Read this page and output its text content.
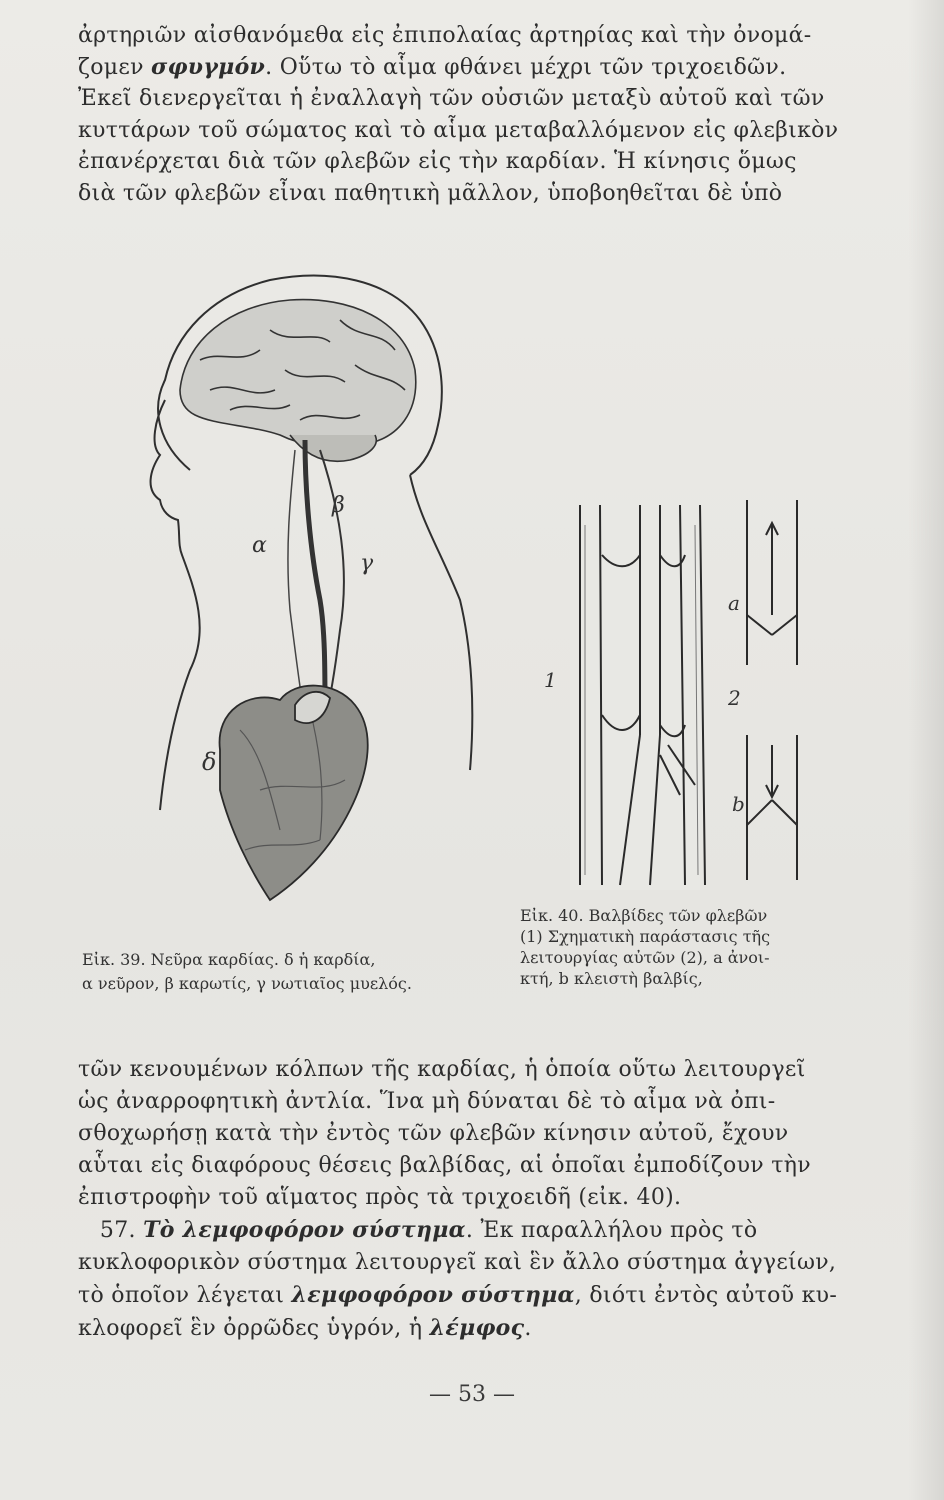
ἀρτηριῶν αἰσθανόμεθα εἰς ἐπιπολαίας ἀρτηρίας καὶ τὴν ὀνομά-
ζομεν σφυγμόν. Οὕτω τὸ αἷμα φθάνει μέχρι τῶν τριχοειδῶν.
Ἐκεῖ διενεργεῖται ἡ ἐναλλαγὴ τῶν οὐσιῶν μεταξὺ αὐτοῦ καὶ τῶν
κυττάρων τοῦ σώματος καὶ τὸ αἷμα μεταβαλλόμενον εἰς φλεβικὸν
ἐπανέρχεται διὰ τῶν φλεβῶν εἰς τὴν καρδίαν. Ἡ κίνησις ὅμως
διὰ τῶν φλεβῶν εἶναι παθητικὴ μᾶλλον, ὑποβοηθεῖται δὲ ὑπὸ
α
β
γ
δ
1
a
2
b
Εἰκ. 40. Βαλβίδες τῶν φλεβῶν
(1) Σχηματικὴ παράστασις τῆς
λειτουργίας αὐτῶν (2), a ἀνοι-
κτή, b κλειστὴ βαλβίς,
Εἰκ. 39. Νεῦρα καρδίας. δ ἡ καρδία,
α νεῦρον, β καρωτίς, γ νωτιαῖος μυελός.
τῶν κενουμένων κόλπων τῆς καρδίας, ἡ ὁποία οὕτω λειτουργεῖ
ὡς ἀναρροφητικὴ ἀντλία. Ἵνα μὴ δύναται δὲ τὸ αἷμα νὰ ὀπι-
σθοχωρήσῃ κατὰ τὴν ἐντὸς τῶν φλεβῶν κίνησιν αὐτοῦ, ἔχουν
αὗται εἰς διαφόρους θέσεις βαλβίδας, αἱ ὁποῖαι ἐμποδίζουν τὴν
ἐπιστροφὴν τοῦ αἵματος πρὸς τὰ τριχοειδῆ (εἰκ. 40).
57. Τὸ λεμφοφόρον σύστημα. Ἐκ παραλλήλου πρὸς τὸ
κυκλοφορικὸν σύστημα λειτουργεῖ καὶ ἓν ἄλλο σύστημα ἀγγείων,
τὸ ὁποῖον λέγεται λεμφοφόρον σύστημα, διότι ἐντὸς αὐτοῦ κυ-
κλοφορεῖ ἓν ὀρρῶδες ὑγρόν, ἡ λέμφος.
— 53 —
